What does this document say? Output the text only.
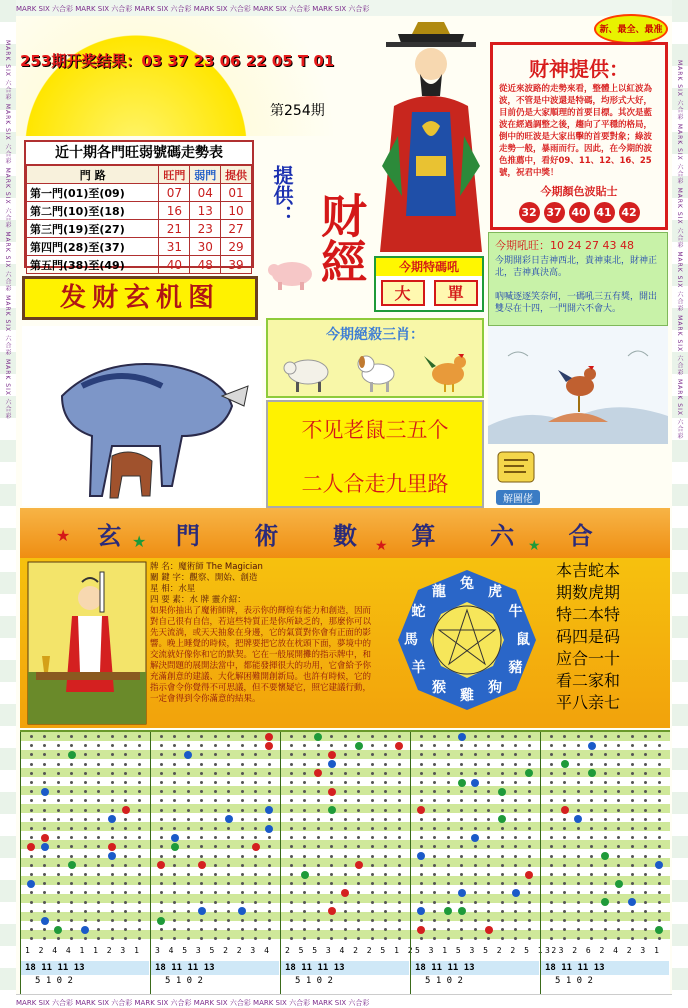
MARK SIX 六合彩 MARK SIX 六合彩 MARK SIX 六合彩 MARK SIX 六合彩 MARK SIX 六合彩 MARK SIX 六合彩	MARK SIX 六合彩 MARK SIX 六合彩 MARK SIX 六合彩 MARK SIX 六合彩 MARK SIX 六合彩 MARK SIX 六合彩
MARK SIX 六合彩 MARK SIX 六合彩 MARK SIX 六合彩 MARK SIX 六合彩 MARK SIX 六合彩 MARK SIX 六合彩
MARK SIX 六合彩 MARK SIX 六合彩 MARK SIX 六合彩 MARK SIX 六合彩 MARK SIX 六合彩 MARK SIX 六合彩
新、最全、最准
253期开奖结果：03 37 23 06 22 05 T 01
第254期
提供： 财經
近十期各門旺弱號碼走勢表
門 路	旺門	弱門	提供
第一門(01)至(09)	07	04	01
第二門(10)至(18)	16	13	10
第三門(19)至(27)	21	23	27
第四門(28)至(37)	31	30	29
第五門(38)至(49)	40	48	39
财神提供：
從近來波路的走勢來看，整體上以紅波為波，不管是中波還是特碼，均形式大好，目前仍是大家順理的首要目標。其次是藍波在經過調整之後，趨向了平穩的格局，倒中的旺波是大家出擊的首要對象；綠波走勢一般，暴雨而行。因此，在今期的波色推薦中，看好09、11、12、16、25號，祝君中獎！
今期顏色波貼士
32 37 40 41 42
今期特碼吼
大	單
今期吼旺：10 24 27 43 48
今期開彩日吉神西北，貴神東北，財神正北，吉神真決高。
吶喊逐逐笑奈何，一碼吼三五有獎，開出雙尽在十四，一門開六不會大。
发财玄机图
今期絕殺三肖：
不见老鼠三五个
二人合走九里路
解圖佬
玄 門 術 數 算 六 合
★	★	★	★
牌 名：魔術師 The Magician
關 鍵 字：觀察、開始、創造
星 相：水星
四 要 素：水 牌 靈介紹：
如果你抽出了魔術師牌，表示你的輝煌有能力和創造，因而對自己很有自信，若這些特質正是你所缺乏的，那麼你可以先天流淌，或天天抽象在身邊，它的氣質對你會有正面的影響。晚上睡覺的時候，把牌要把它放在枕頭下面，夢境中的交流就好像你和它的默契。它在一般展開攤的指示牌中，和解決問題的展開法當中，都能發揮很大的功用，它會給予你充滿創意的建議、大化解困難開創新局。也許有時候，它的指示會令你覺得不可思議，但不要懷疑它，照它建議行動，一定會得到令你滿意的結果。
兔 虎
牛
鼠
豬
狗
雞
猴
羊
馬
蛇
龍
本吉蛇本
期数虎期
特二本特
码四是码
应合一十
看二家和
平八亲七
1 2 4 4 1 1 2 3 1
18 11 11 13
5 1 0 2
3 4 5 3 5 2 2 3 4
18 11 11 13
5 1 0 2
2 5 5 3 4 2 2 5 1 2
18 11 11 13
5 1 0 2
5 3 1 5 3 5 2 2 5 1 2
18 11 11 13
5 1 0 2
3 3 2 6 2 4 2 3 1
18 11 11 13
5 1 0 2
